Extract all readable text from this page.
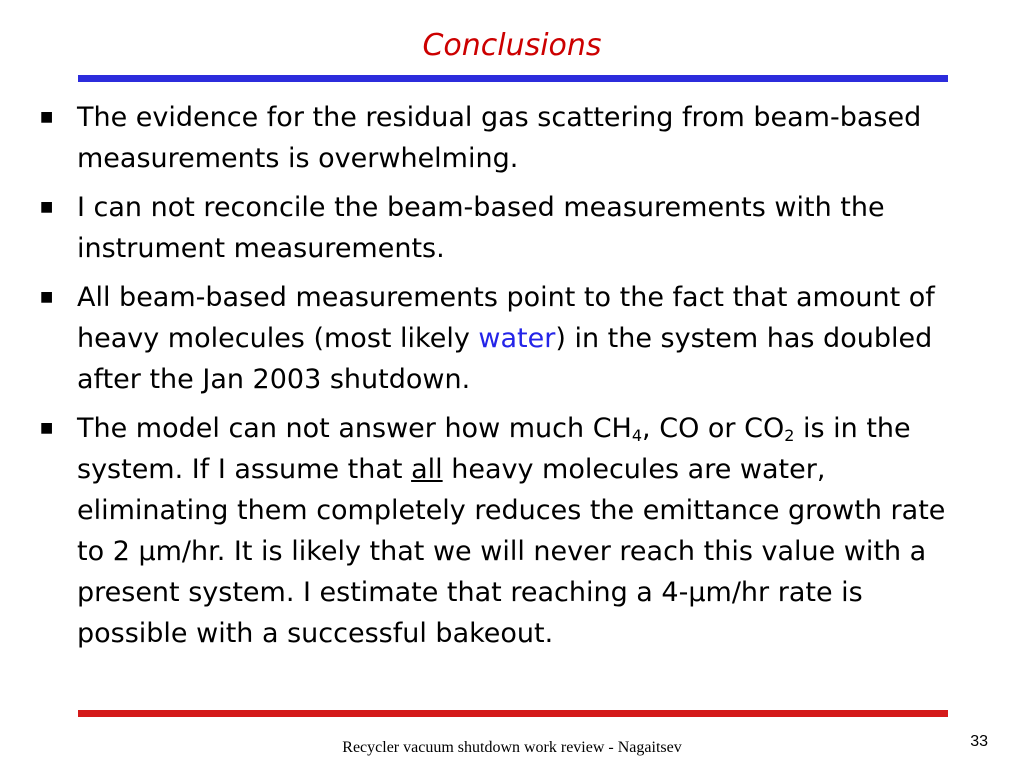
Conclusions
■ The evidence for the residual gas scattering from beam-based measurements is overwhelming.
■ I can not reconcile the beam-based measurements with the instrument measurements.
■ All beam-based measurements point to the fact that amount of heavy molecules (most likely water) in the system has doubled after the Jan 2003 shutdown.
■ The model can not answer how much $CH_4$, CO or $CO_2$ is in the system. If I assume that all heavy molecules are water, eliminating them completely reduces the emittance growth rate to 2 μm/hr. It is likely that we will never reach this value with a present system. I estimate that reaching a 4-μm/hr rate is possible with a successful bakeout.
Recycler vacuum shutdown work review - Nagaitsev	33
